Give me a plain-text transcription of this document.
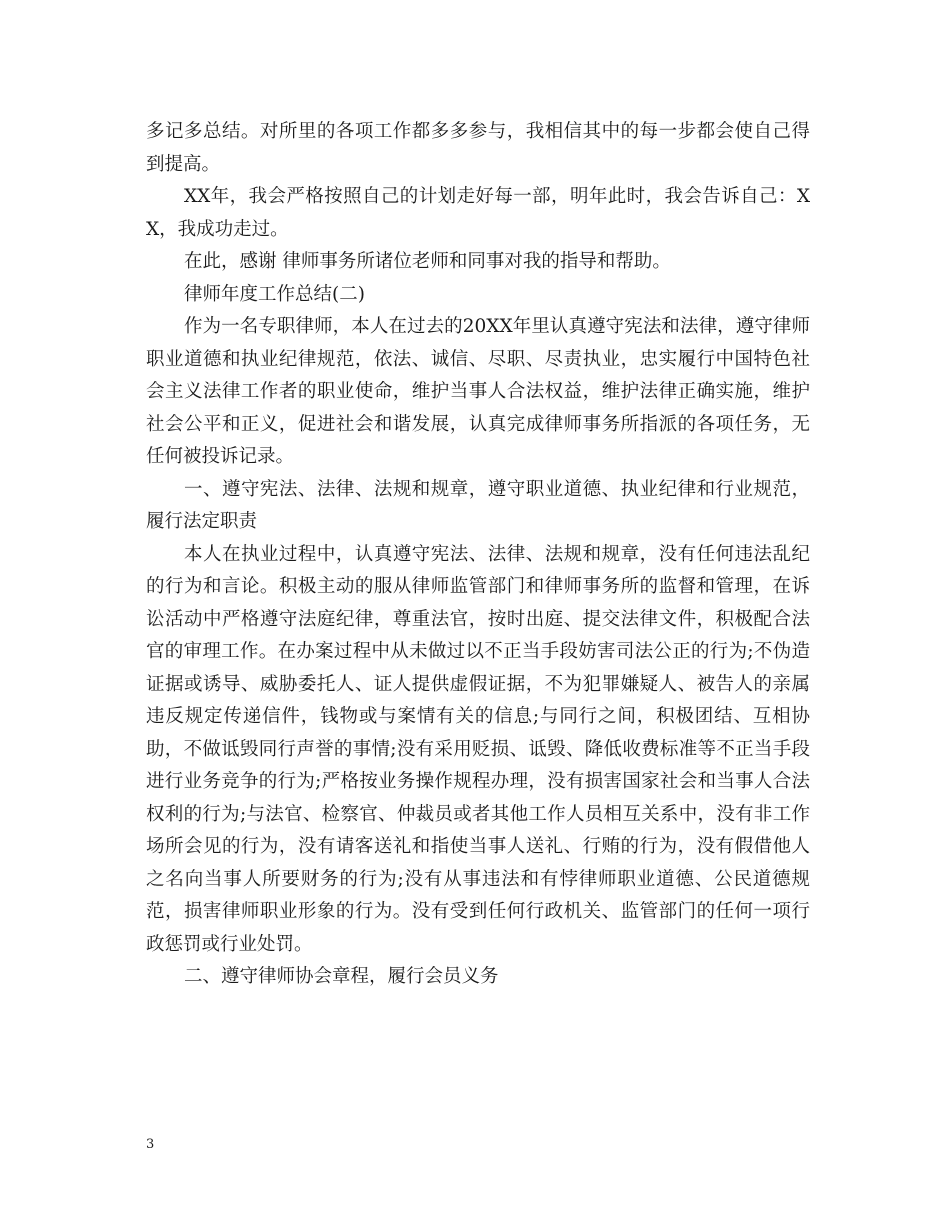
多记多总结。对所里的各项工作都多多参与，我相信其中的每一步都会使自己得到提高。

XX年，我会严格按照自己的计划走好每一部，明年此时，我会告诉自己：XX，我成功走过。

在此，感谢 律师事务所诸位老师和同事对我的指导和帮助。

律师年度工作总结(二)

作为一名专职律师，本人在过去的20XX年里认真遵守宪法和法律，遵守律师职业道德和执业纪律规范，依法、诚信、尽职、尽责执业，忠实履行中国特色社会主义法律工作者的职业使命，维护当事人合法权益，维护法律正确实施，维护社会公平和正义，促进社会和谐发展，认真完成律师事务所指派的各项任务，无任何被投诉记录。

一、遵守宪法、法律、法规和规章，遵守职业道德、执业纪律和行业规范，履行法定职责

本人在执业过程中，认真遵守宪法、法律、法规和规章，没有任何违法乱纪的行为和言论。积极主动的服从律师监管部门和律师事务所的监督和管理，在诉讼活动中严格遵守法庭纪律，尊重法官，按时出庭、提交法律文件，积极配合法官的审理工作。在办案过程中从未做过以不正当手段妨害司法公正的行为;不伪造证据或诱导、威胁委托人、证人提供虚假证据，不为犯罪嫌疑人、被告人的亲属违反规定传递信件，钱物或与案情有关的信息;与同行之间，积极团结、互相协助，不做诋毁同行声誉的事情;没有采用贬损、诋毁、降低收费标准等不正当手段进行业务竞争的行为;严格按业务操作规程办理，没有损害国家社会和当事人合法权利的行为;与法官、检察官、仲裁员或者其他工作人员相互关系中，没有非工作场所会见的行为，没有请客送礼和指使当事人送礼、行贿的行为，没有假借他人之名向当事人所要财务的行为;没有从事违法和有悖律师职业道德、公民道德规范，损害律师职业形象的行为。没有受到任何行政机关、监管部门的任何一项行政惩罚或行业处罚。

二、遵守律师协会章程，履行会员义务

3
